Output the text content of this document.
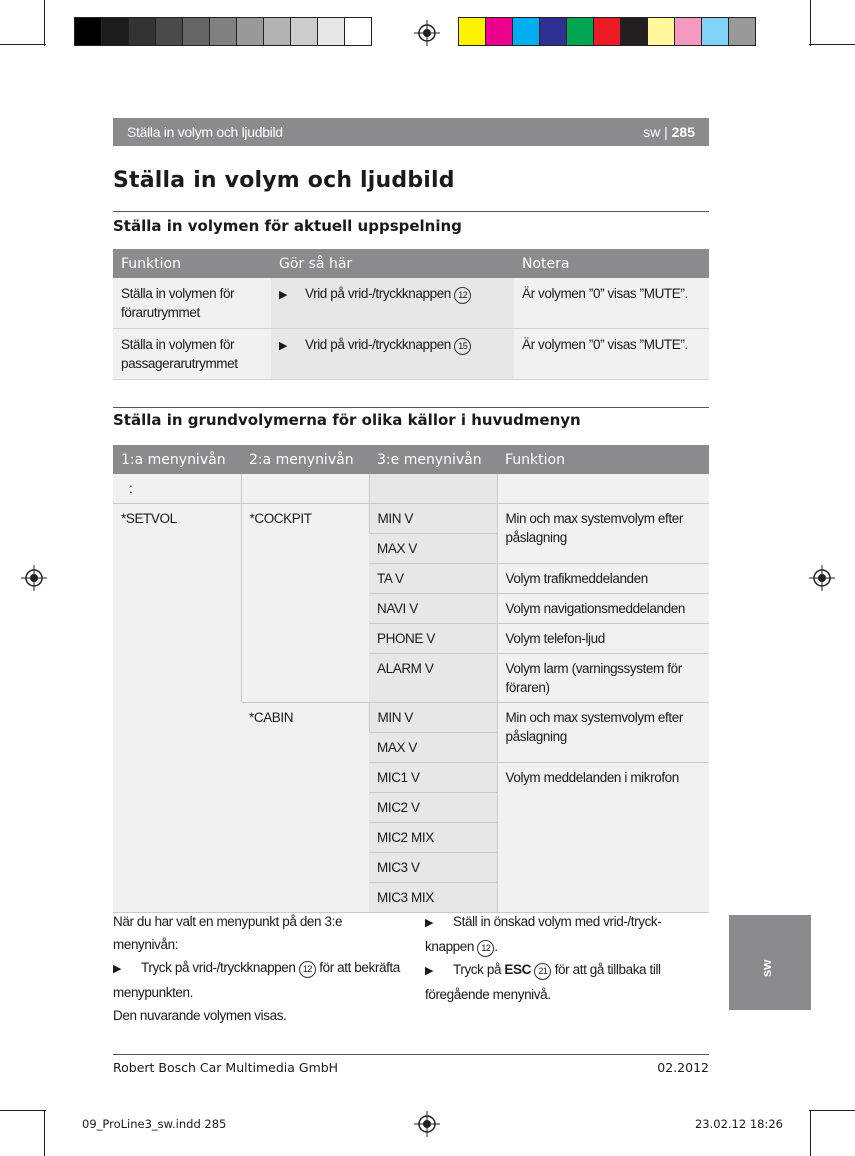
Ställa in volym och ljudbild	sw | 285
Ställa in volym och ljudbild
Ställa in volymen för aktuell uppspelning
Funktion	Gör så här	Notera
Ställa in volymen för förarutrymmet	▶ Vrid på vrid-/tryckknappen 12	Är volymen ”0” visas ”MUTE”.
Ställa in volymen för passagerarutrymmet	▶ Vrid på vrid-/tryckknappen 15	Är volymen ”0” visas ”MUTE”.
Ställa in grundvolymerna för olika källor i huvudmenyn
1:a menynivån	2:a menynivån	3:e menynivån	Funktion
:			
*SETVOL	*COCKPIT	MIN V	Min och max systemvolym efter påslagning
		MAX V	
		TA V	Volym trafikmeddelanden
		NAVI V	Volym navigationsmeddelanden
		PHONE V	Volym telefon-ljud
		ALARM V	Volym larm (varningssystem för föraren)
	*CABIN	MIN V	Min och max systemvolym efter påslagning
		MAX V	
		MIC1 V	Volym meddelanden i mikrofon
		MIC2 V	
		MIC2 MIX	
		MIC3 V	
		MIC3 MIX	
När du har valt en menypunkt på den 3:e menynivån:
▶ Tryck på vrid-/tryckknappen 12 för att bekräfta menypunkten.
Den nuvarande volymen visas.
▶ Ställ in önskad volym med vrid-/tryck-knappen 12 .
▶ Tryck på ESC 21 för att gå tillbaka till föregående menynivå.
sw
Robert Bosch Car Multimedia GmbH	02.2012
09_ProLine3_sw.indd 285	23.02.12 18:26
